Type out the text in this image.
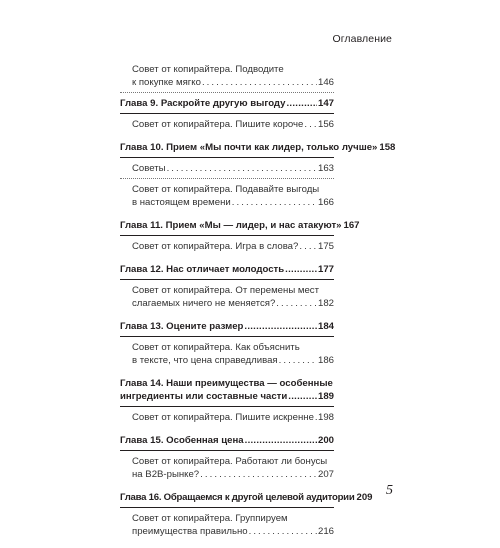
Оглавление
Совет от копирайтера. Подводите
к покупке мягко . . .	146
Глава 9. Раскройте другую выгоду . . .	147
Совет от копирайтера. Пишите короче . . . 156
Глава 10. Прием «Мы почти как лидер, только лучше» 158
Советы . . .	163
Совет от копирайтера. Подавайте выгоды
в настоящем времени . . .	166
Глава 11. Прием «Мы — лидер, и нас атакуют» 167
Совет от копирайтера. Игра в слова? . . . 175
Глава 12. Нас отличает молодость . . .	177
Совет от копирайтера. От перемены мест
слагаемых ничего не меняется? . . .	182
Глава 13. Оцените размер . . .	184
Совет от копирайтера. Как объяснить
в тексте, что цена справедливая . . .	186
Глава 14. Наши преимущества — особенные
ингредиенты или составные части . . .	189
Совет от копирайтера. Пишите искренне . . . 198
Глава 15. Особенная цена . . .	200
Совет от копирайтера. Работают ли бонусы
на B2B-рынке? . . .	207
Глава 16. Обращаемся к другой целевой аудитории 209
Совет от копирайтера. Группируем
преимущества правильно . . .	216
5
